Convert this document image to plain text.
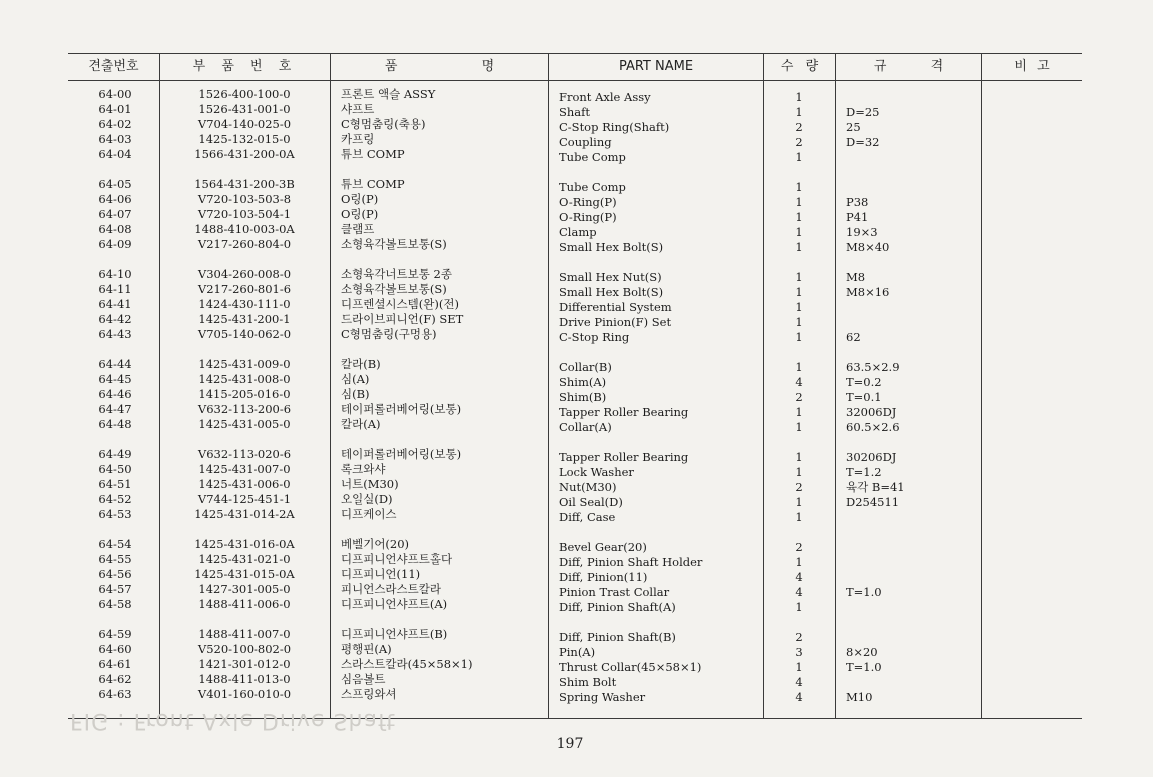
견출번호	부 품 번 호	품 명	PART NAME	수 량	규 격	비 고
64-00	1526-400-100-0	프론트 액슬 ASSY	Front Axle Assy	1
64-01	1526-431-001-0	샤프트	Shaft	1	D=25
64-02	V704-140-025-0	C형멈춤링(축용)	C-Stop Ring(Shaft)	2	25
64-03	1425-132-015-0	카프링	Coupling	2	D=32
64-04	1566-431-200-0A	튜브 COMP	Tube Comp	1
64-05	1564-431-200-3B	튜브 COMP	Tube Comp	1
64-06	V720-103-503-8	O링(P)	O-Ring(P)	1	P38
64-07	V720-103-504-1	O링(P)	O-Ring(P)	1	P41
64-08	1488-410-003-0A	클램프	Clamp	1	19×3
64-09	V217-260-804-0	소형육각볼트보통(S)	Small Hex Bolt(S)	1	M8×40
64-10	V304-260-008-0	소형육각너트보통 2종	Small Hex Nut(S)	1	M8
64-11	V217-260-801-6	소형육각볼트보통(S)	Small Hex Bolt(S)	1	M8×16
64-41	1424-430-111-0	디프렌셜시스템(완)(전)	Differential System	1
64-42	1425-431-200-1	드라이브피니언(F) SET	Drive Pinion(F) Set	1
64-43	V705-140-062-0	C형멈춤링(구멍용)	C-Stop Ring	1	62
64-44	1425-431-009-0	칼라(B)	Collar(B)	1	63.5×2.9
64-45	1425-431-008-0	심(A)	Shim(A)	4	T=0.2
64-46	1415-205-016-0	심(B)	Shim(B)	2	T=0.1
64-47	V632-113-200-6	테이퍼롤러베어링(보통)	Tapper Roller Bearing	1	32006DJ
64-48	1425-431-005-0	칼라(A)	Collar(A)	1	60.5×2.6
64-49	V632-113-020-6	테이퍼롤러베어링(보통)	Tapper Roller Bearing	1	30206DJ
64-50	1425-431-007-0	록크와샤	Lock Washer	1	T=1.2
64-51	1425-431-006-0	너트(M30)	Nut(M30)	2	육각 B=41
64-52	V744-125-451-1	오일실(D)	Oil Seal(D)	1	D254511
64-53	1425-431-014-2A	디프케이스	Diff, Case	1
64-54	1425-431-016-0A	베벨기어(20)	Bevel Gear(20)	2
64-55	1425-431-021-0	디프피니언샤프트홀다	Diff, Pinion Shaft Holder	1
64-56	1425-431-015-0A	디프피니언(11)	Diff, Pinion(11)	4
64-57	1427-301-005-0	피니언스라스트칼라	Pinion Trast Collar	4	T=1.0
64-58	1488-411-006-0	디프피니언샤프트(A)	Diff, Pinion Shaft(A)	1
64-59	1488-411-007-0	디프피니언샤프트(B)	Diff, Pinion Shaft(B)	2
64-60	V520-100-802-0	평행핀(A)	Pin(A)	3	8×20
64-61	1421-301-012-0	스라스트칼라(45×58×1)	Thrust Collar(45×58×1)	1	T=1.0
64-62	1488-411-013-0	심음볼트	Shim Bolt	4
64-63	V401-160-010-0	스프링와셔	Spring Washer	4	M10
FIG : Front Axle Drive Shaft
197
